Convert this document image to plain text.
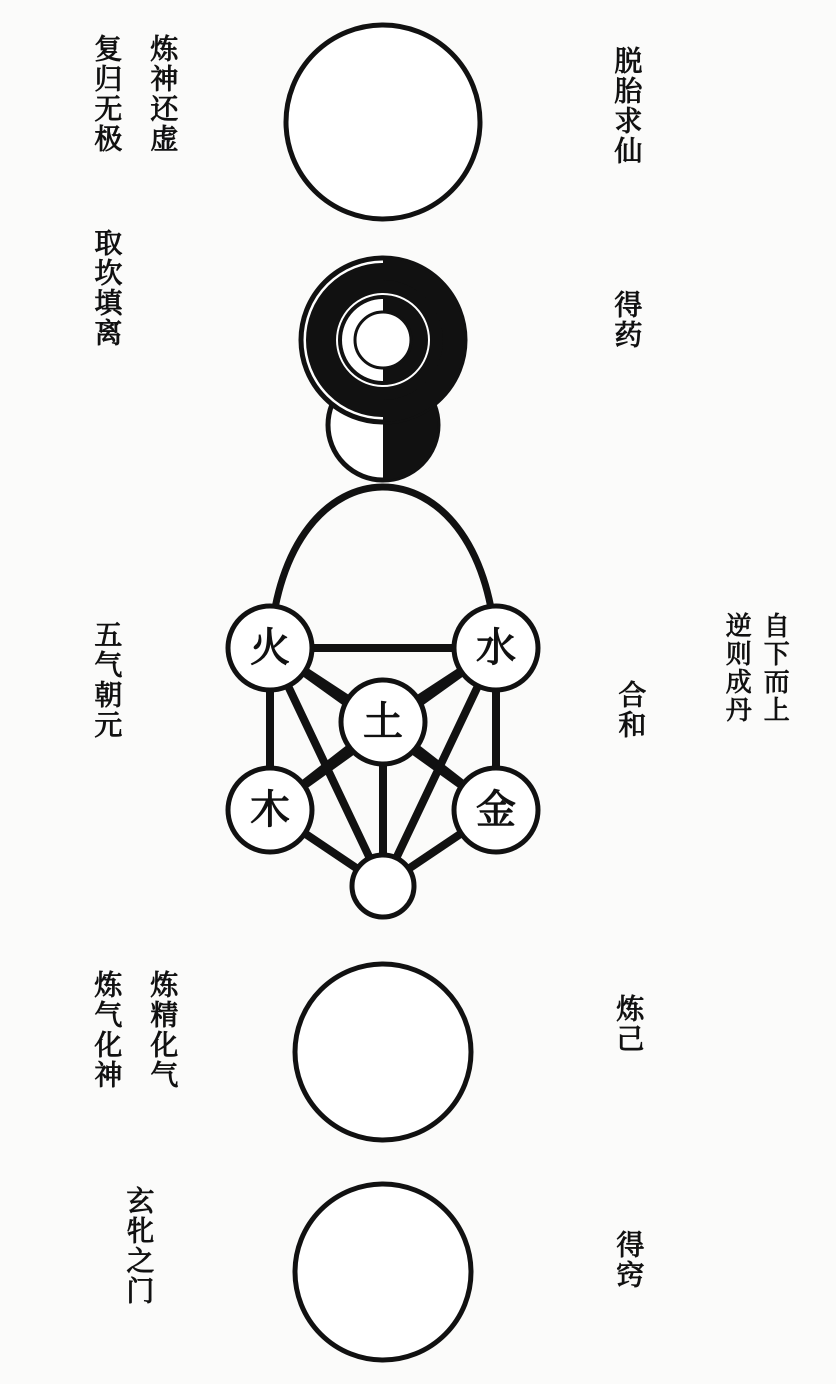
炼神还虚
复归无极
取坎填离
五气朝元
炼精化气
炼气化神
玄牝之门
脱胎求仙
得药
自下而上
逆则成丹
合和
炼己
得窍
火	水
土
木	金
